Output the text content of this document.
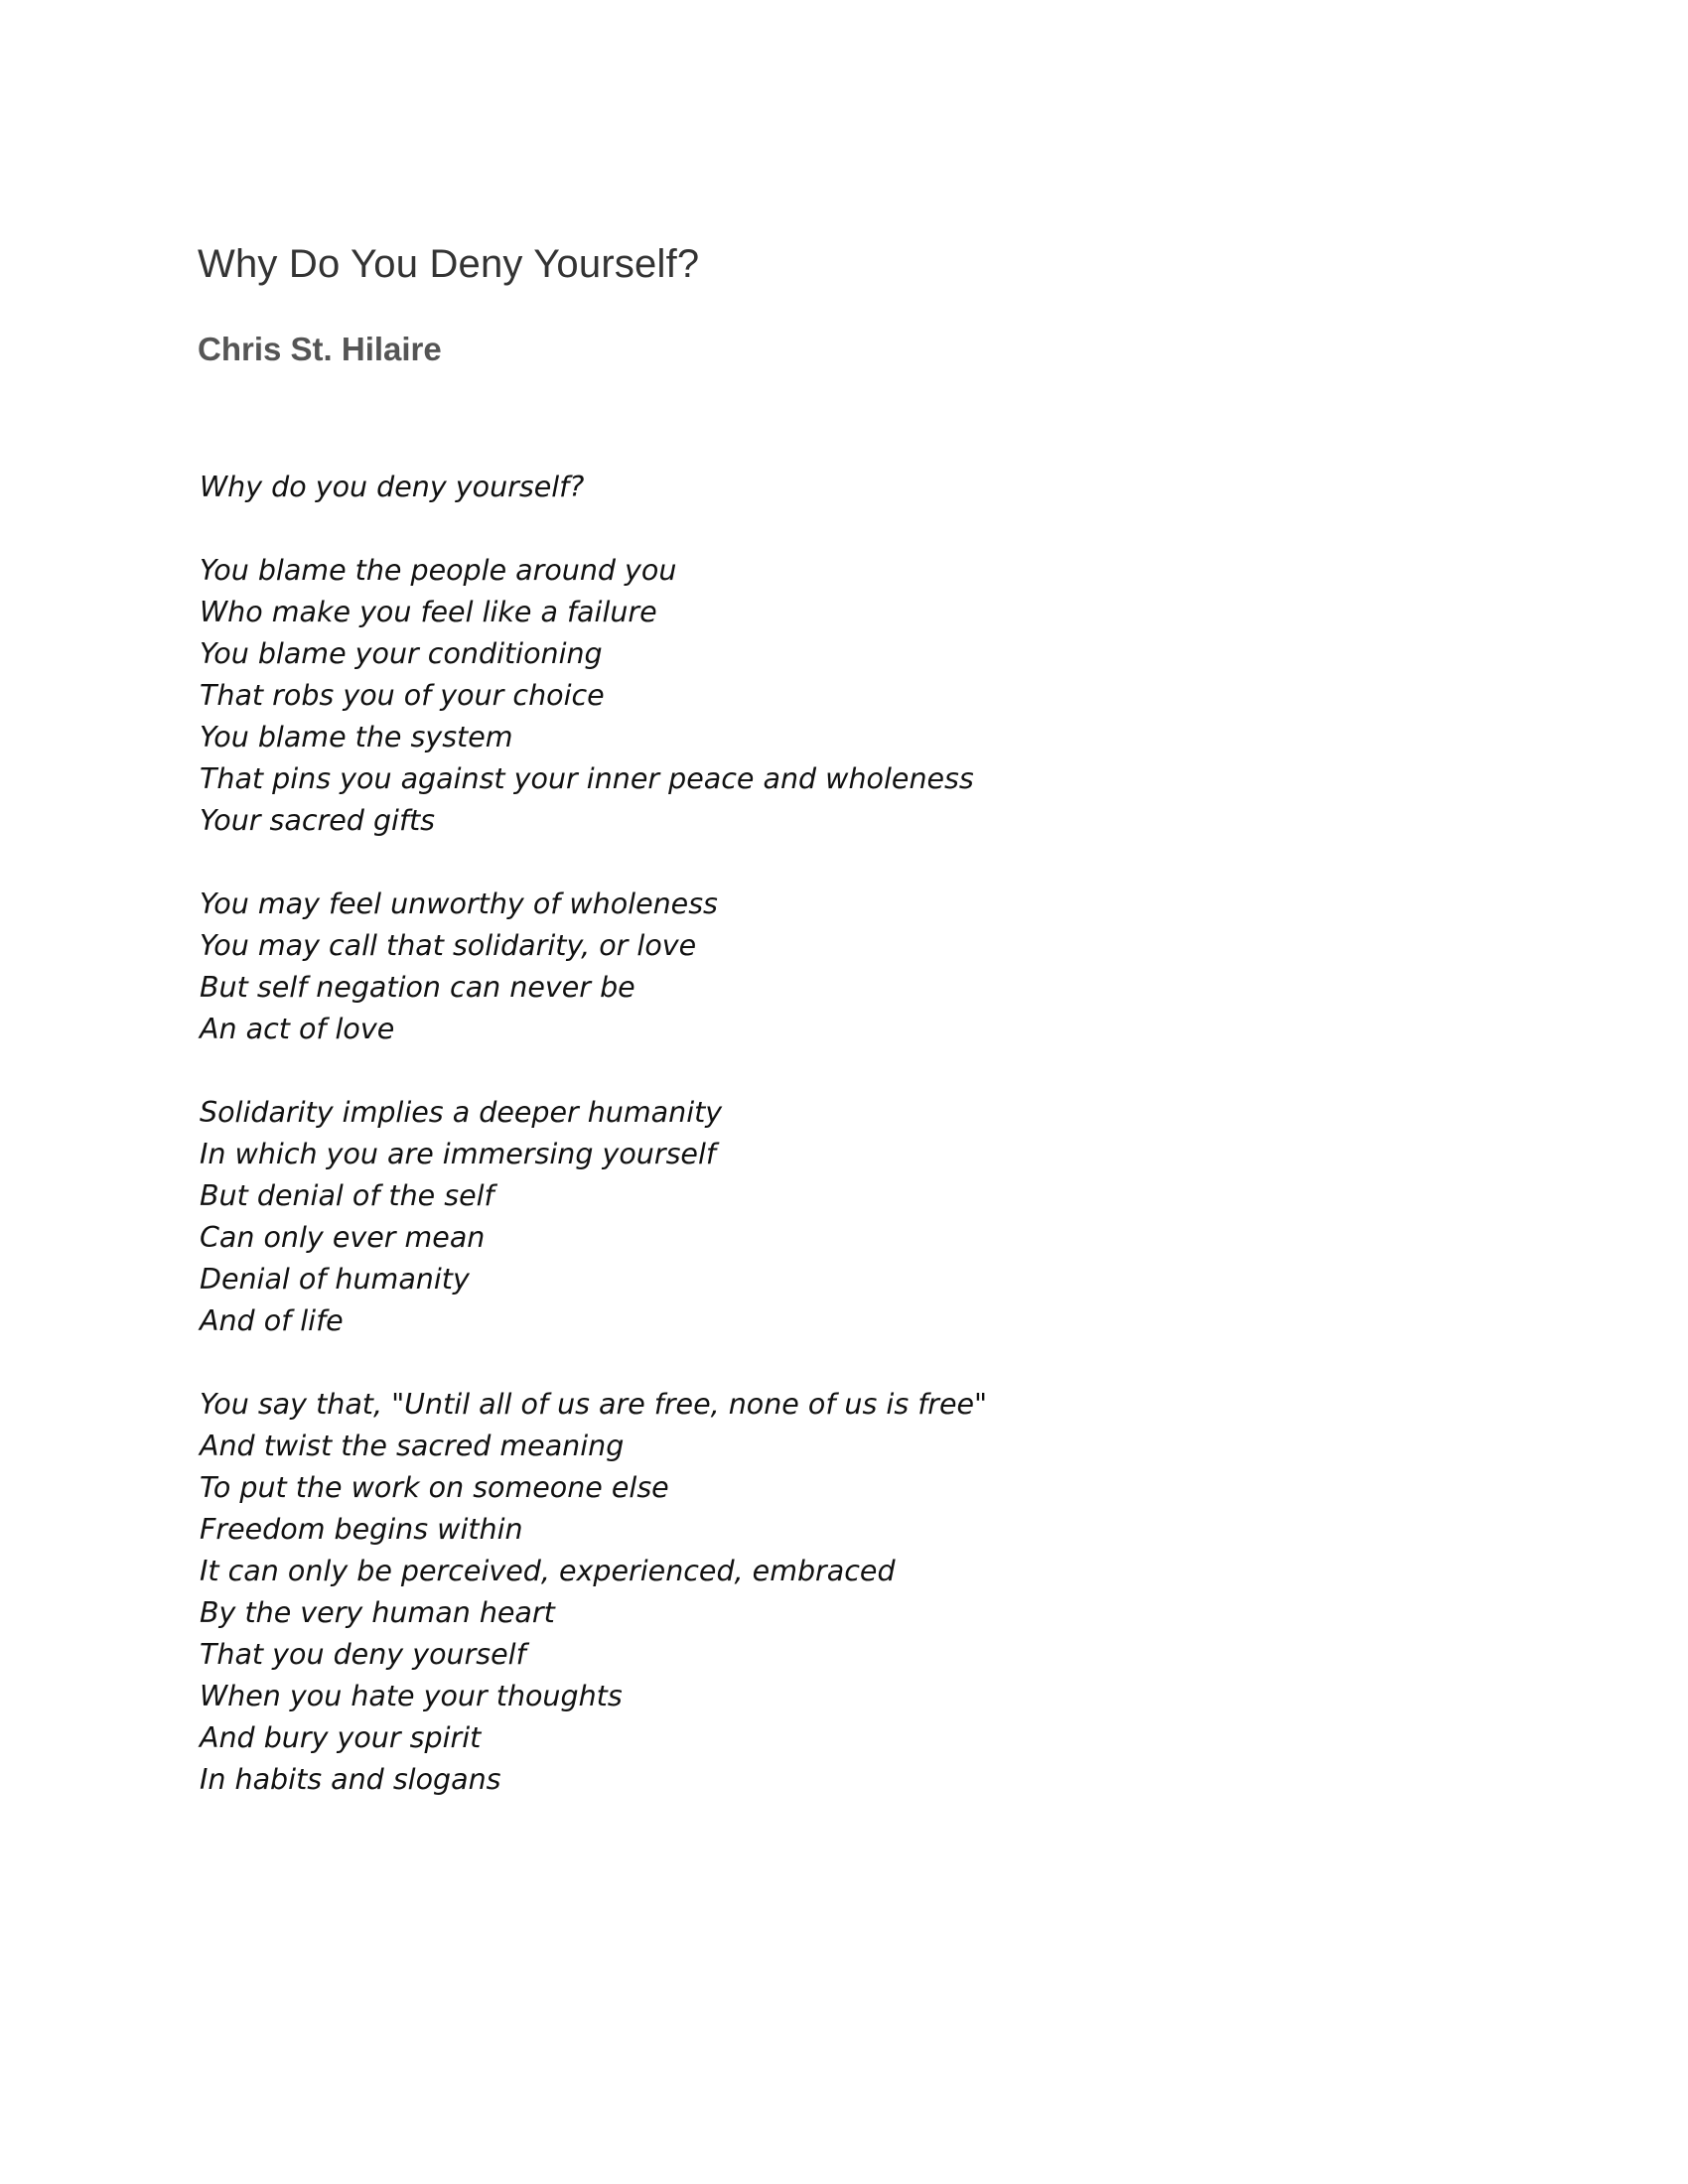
Why Do You Deny Yourself?
Chris St. Hilaire
Why do you deny yourself?
You blame the people around you
Who make you feel like a failure
You blame your conditioning
That robs you of your choice
You blame the system
That pins you against your inner peace and wholeness
Your sacred gifts
You may feel unworthy of wholeness
You may call that solidarity, or love
But self negation can never be
An act of love
Solidarity implies a deeper humanity
In which you are immersing yourself
But denial of the self
Can only ever mean
Denial of humanity
And of life
You say that, "Until all of us are free, none of us is free"
And twist the sacred meaning
To put the work on someone else
Freedom begins within
It can only be perceived, experienced, embraced
By the very human heart
That you deny yourself
When you hate your thoughts
And bury your spirit
In habits and slogans
